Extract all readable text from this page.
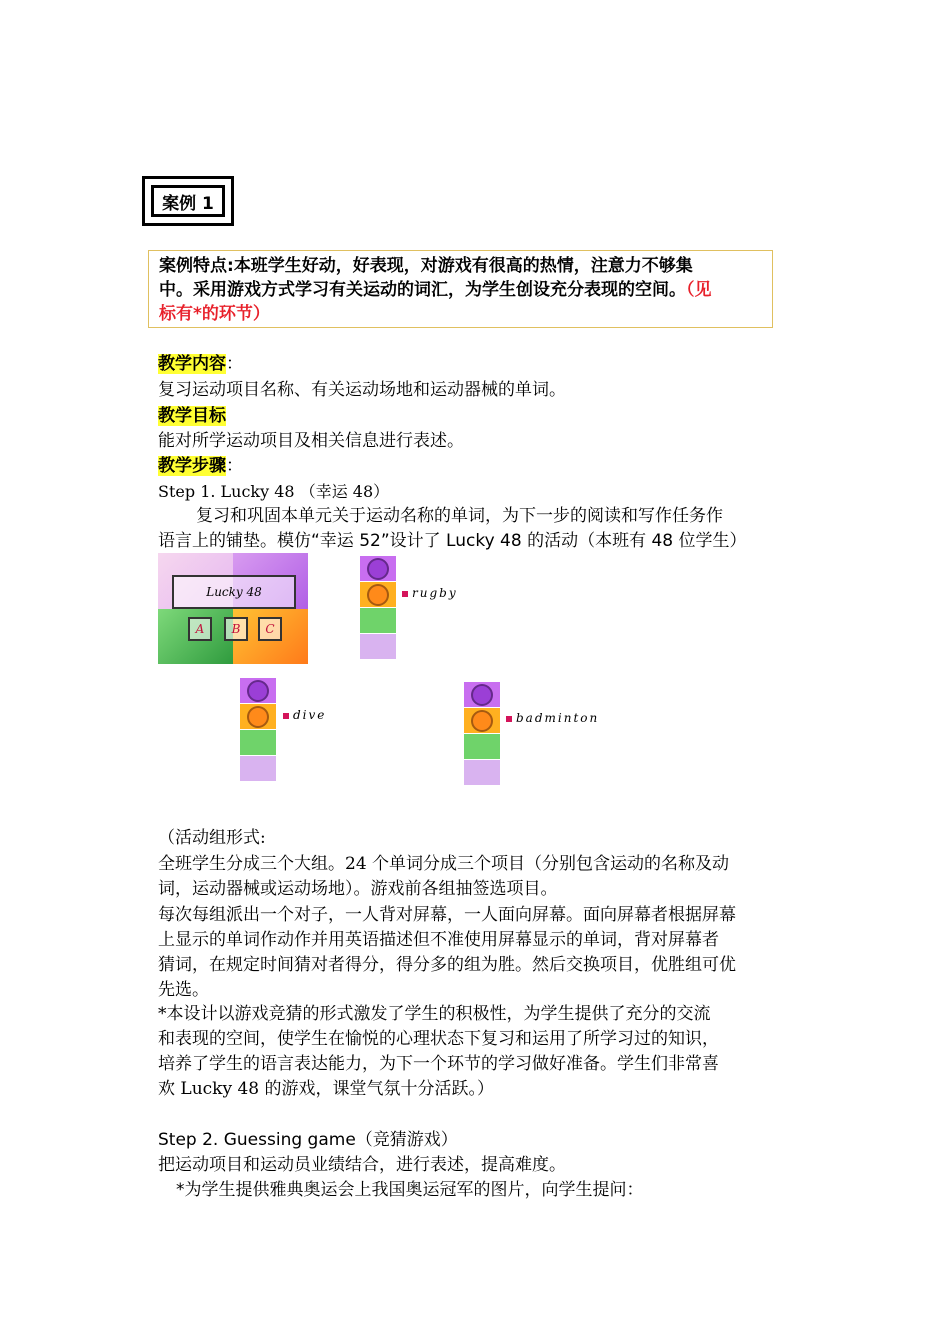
案例 1
案例特点:本班学生好动，好表现，对游戏有很高的热情，注意力不够集
中。采用游戏方式学习有关运动的词汇，为学生创设充分表现的空间。（见
标有*的环节）
教学内容：
复习运动项目名称、有关运动场地和运动器械的单词。
教学目标
能对所学运动项目及相关信息进行表述。
教学步骤：
Step 1. Lucky 48 （幸运 48）
复习和巩固本单元关于运动名称的单词，为下一步的阅读和写作任务作
语言上的铺垫。模仿“幸运 52”设计了 Lucky 48 的活动（本班有 48 位学生）
Lucky 48
A	B	C
rugby
dive	badminton
（活动组形式:
全班学生分成三个大组。24 个单词分成三个项目（分别包含运动的名称及动
词，运动器械或运动场地）。游戏前各组抽签选项目。
每次每组派出一个对子，一人背对屏幕，一人面向屏幕。面向屏幕者根据屏幕
上显示的单词作动作并用英语描述但不准使用屏幕显示的单词，背对屏幕者
猜词，在规定时间猜对者得分，得分多的组为胜。然后交换项目，优胜组可优
先选。
*本设计以游戏竞猜的形式激发了学生的积极性，为学生提供了充分的交流
和表现的空间，使学生在愉悦的心理状态下复习和运用了所学习过的知识，
培养了学生的语言表达能力，为下一个环节的学习做好准备。学生们非常喜
欢 Lucky 48 的游戏，课堂气氛十分活跃。）
Step 2. Guessing game（竞猜游戏）
把运动项目和运动员业绩结合，进行表述，提高难度。
*为学生提供雅典奥运会上我国奥运冠军的图片，向学生提问：
